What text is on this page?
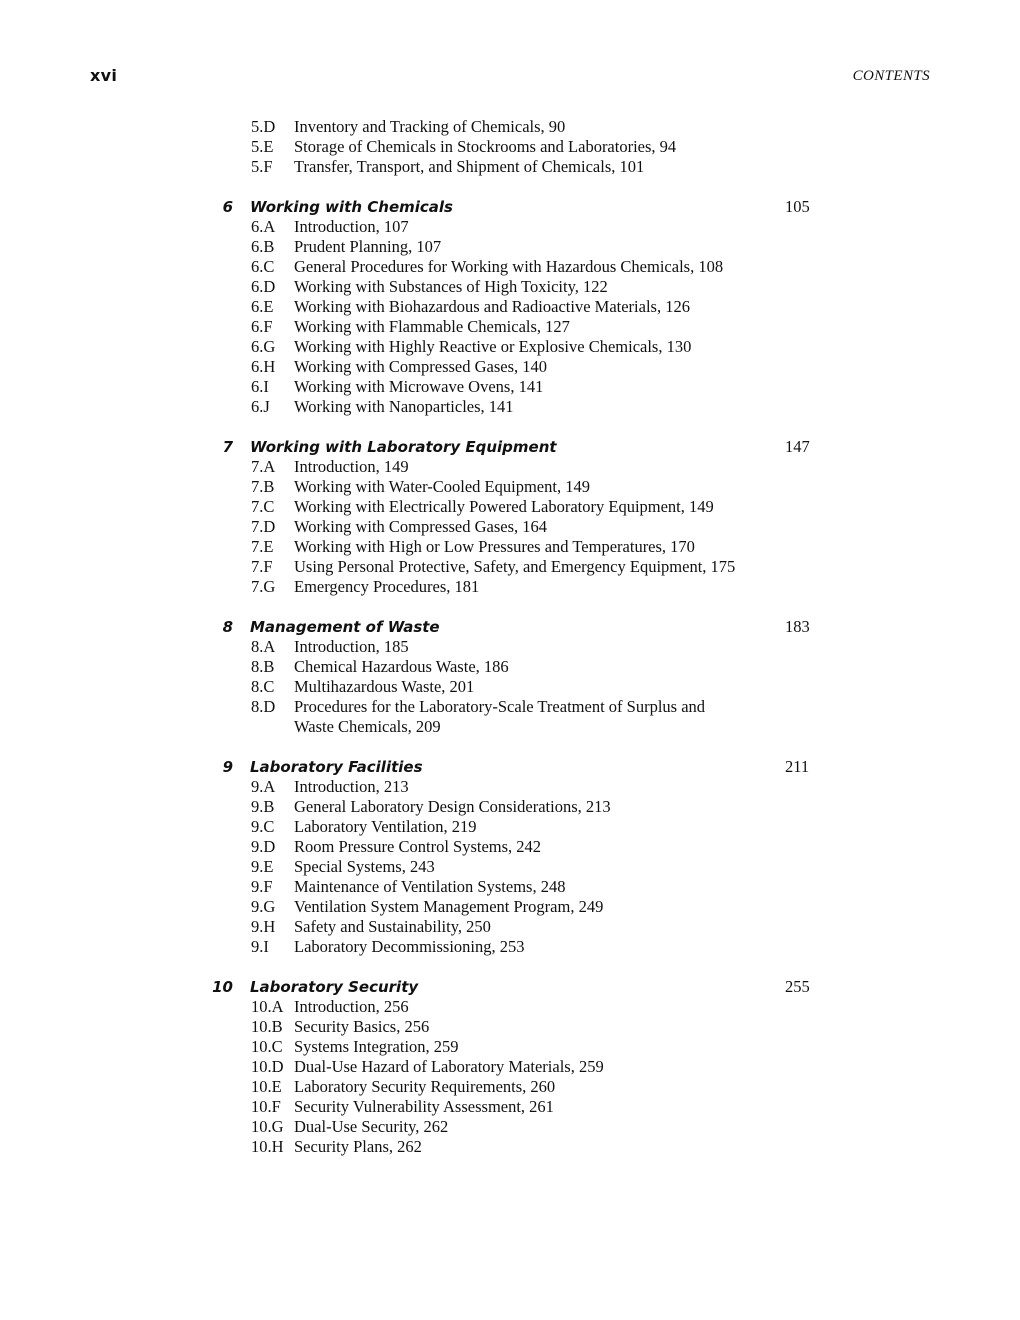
xvi	CONTENTS
5.D Inventory and Tracking of Chemicals, 90
5.E Storage of Chemicals in Stockrooms and Laboratories, 94
5.F Transfer, Transport, and Shipment of Chemicals, 101
6 Working with Chemicals	105
6.A Introduction, 107
6.B Prudent Planning, 107
6.C General Procedures for Working with Hazardous Chemicals, 108
6.D Working with Substances of High Toxicity, 122
6.E Working with Biohazardous and Radioactive Materials, 126
6.F Working with Flammable Chemicals, 127
6.G Working with Highly Reactive or Explosive Chemicals, 130
6.H Working with Compressed Gases, 140
6.I Working with Microwave Ovens, 141
6.J Working with Nanoparticles, 141
7 Working with Laboratory Equipment	147
7.A Introduction, 149
7.B Working with Water-Cooled Equipment, 149
7.C Working with Electrically Powered Laboratory Equipment, 149
7.D Working with Compressed Gases, 164
7.E Working with High or Low Pressures and Temperatures, 170
7.F Using Personal Protective, Safety, and Emergency Equipment, 175
7.G Emergency Procedures, 181
8 Management of Waste	183
8.A Introduction, 185
8.B Chemical Hazardous Waste, 186
8.C Multihazardous Waste, 201
8.D Procedures for the Laboratory-Scale Treatment of Surplus and
Waste Chemicals, 209
9 Laboratory Facilities	211
9.A Introduction, 213
9.B General Laboratory Design Considerations, 213
9.C Laboratory Ventilation, 219
9.D Room Pressure Control Systems, 242
9.E Special Systems, 243
9.F Maintenance of Ventilation Systems, 248
9.G Ventilation System Management Program, 249
9.H Safety and Sustainability, 250
9.I Laboratory Decommissioning, 253
10 Laboratory Security	255
10.A Introduction, 256
10.B Security Basics, 256
10.C Systems Integration, 259
10.D Dual-Use Hazard of Laboratory Materials, 259
10.E Laboratory Security Requirements, 260
10.F Security Vulnerability Assessment, 261
10.G Dual-Use Security, 262
10.H Security Plans, 262
